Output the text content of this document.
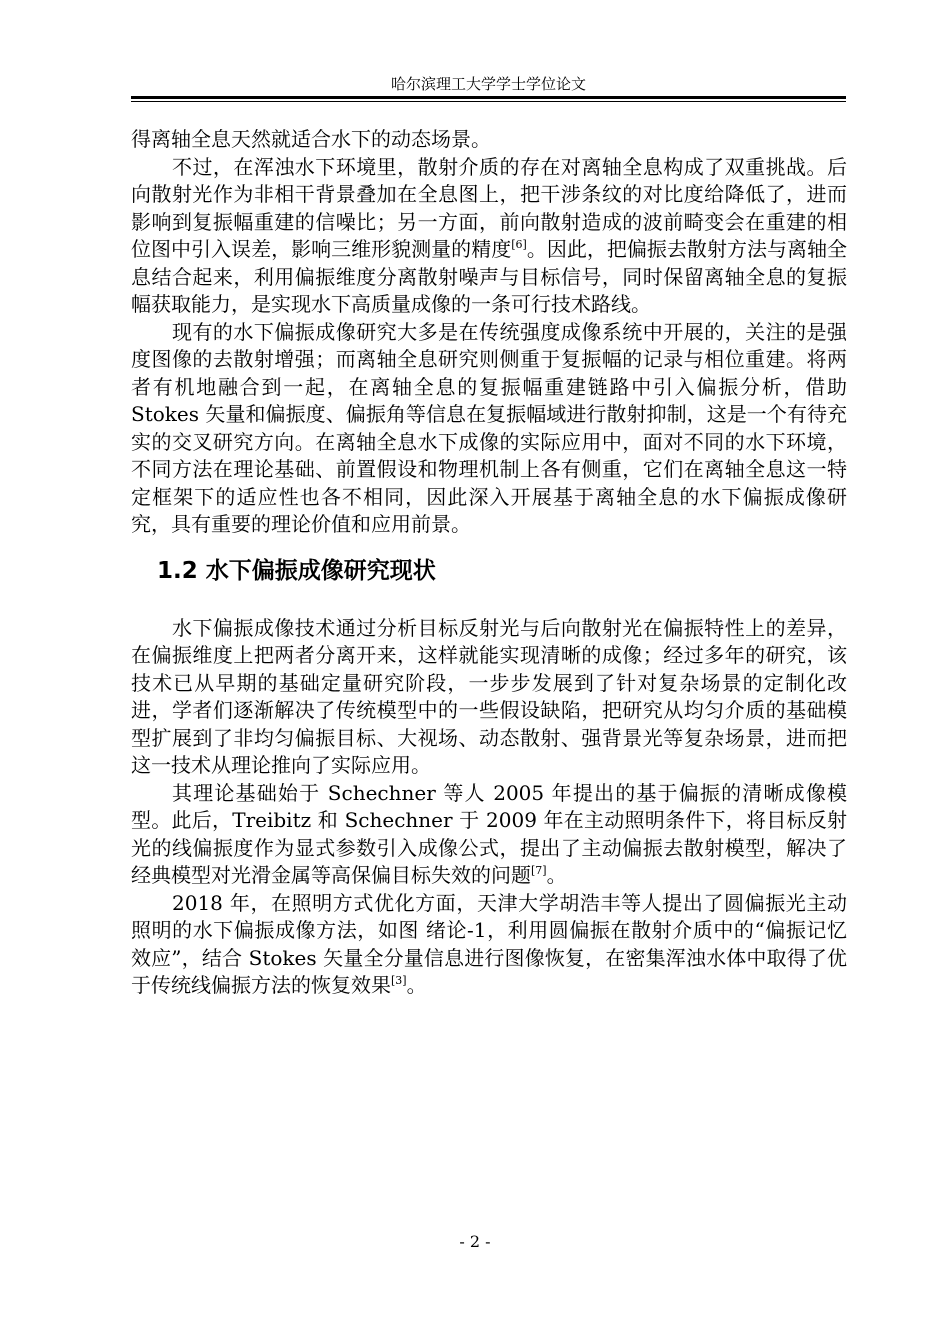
哈尔滨理工大学学士学位论文

得离轴全息天然就适合水下的动态场景。

不过，在浑浊水下环境里，散射介质的存在对离轴全息构成了双重挑战。后向散射光作为非相干背景叠加在全息图上，把干涉条纹的对比度给降低了，进而影响到复振幅重建的信噪比；另一方面，前向散射造成的波前畸变会在重建的相位图中引入误差，影响三维形貌测量的精度[6]。因此，把偏振去散射方法与离轴全息结合起来，利用偏振维度分离散射噪声与目标信号，同时保留离轴全息的复振幅获取能力，是实现水下高质量成像的一条可行技术路线。

现有的水下偏振成像研究大多是在传统强度成像系统中开展的，关注的是强度图像的去散射增强；而离轴全息研究则侧重于复振幅的记录与相位重建。将两者有机地融合到一起，在离轴全息的复振幅重建链路中引入偏振分析，借助 Stokes 矢量和偏振度、偏振角等信息在复振幅域进行散射抑制，这是一个有待充实的交叉研究方向。在离轴全息水下成像的实际应用中，面对不同的水下环境，不同方法在理论基础、前置假设和物理机制上各有侧重，它们在离轴全息这一特定框架下的适应性也各不相同，因此深入开展基于离轴全息的水下偏振成像研究，具有重要的理论价值和应用前景。

1.2 水下偏振成像研究现状

水下偏振成像技术通过分析目标反射光与后向散射光在偏振特性上的差异，在偏振维度上把两者分离开来，这样就能实现清晰的成像；经过多年的研究，该技术已从早期的基础定量研究阶段，一步步发展到了针对复杂场景的定制化改进，学者们逐渐解决了传统模型中的一些假设缺陷，把研究从均匀介质的基础模型扩展到了非均匀偏振目标、大视场、动态散射、强背景光等复杂场景，进而把这一技术从理论推向了实际应用。

其理论基础始于 Schechner 等人 2005 年提出的基于偏振的清晰成像模型。此后，Treibitz 和 Schechner 于 2009 年在主动照明条件下，将目标反射光的线偏振度作为显式参数引入成像公式，提出了主动偏振去散射模型，解决了经典模型对光滑金属等高保偏目标失效的问题[7]。

2018 年，在照明方式优化方面，天津大学胡浩丰等人提出了圆偏振光主动照明的水下偏振成像方法，如图 绪论-1，利用圆偏振在散射介质中的“偏振记忆效应”，结合 Stokes 矢量全分量信息进行图像恢复，在密集浑浊水体中取得了优于传统线偏振方法的恢复效果[3]。

- 2 -
